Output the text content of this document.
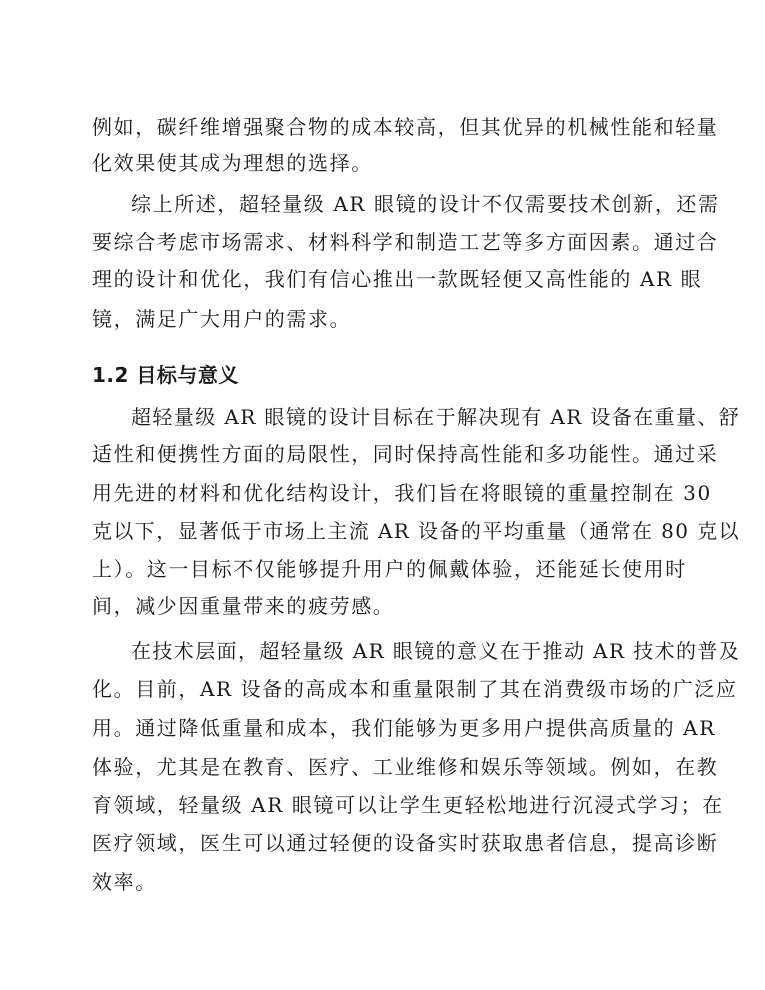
例如，碳纤维增强聚合物的成本较高，但其优异的机械性能和轻量
化效果使其成为理想的选择。
综上所述，超轻量级 AR 眼镜的设计不仅需要技术创新，还需
要综合考虑市场需求、材料科学和制造工艺等多方面因素。通过合
理的设计和优化，我们有信心推出一款既轻便又高性能的 AR 眼
镜，满足广大用户的需求。
1.2 目标与意义
超轻量级 AR 眼镜的设计目标在于解决现有 AR 设备在重量、舒
适性和便携性方面的局限性，同时保持高性能和多功能性。通过采
用先进的材料和优化结构设计，我们旨在将眼镜的重量控制在 30
克以下，显著低于市场上主流 AR 设备的平均重量（通常在 80 克以
上）。这一目标不仅能够提升用户的佩戴体验，还能延长使用时
间，减少因重量带来的疲劳感。
在技术层面，超轻量级 AR 眼镜的意义在于推动 AR 技术的普及
化。目前，AR 设备的高成本和重量限制了其在消费级市场的广泛应
用。通过降低重量和成本，我们能够为更多用户提供高质量的 AR
体验，尤其是在教育、医疗、工业维修和娱乐等领域。例如，在教
育领域，轻量级 AR 眼镜可以让学生更轻松地进行沉浸式学习；在
医疗领域，医生可以通过轻便的设备实时获取患者信息，提高诊断
效率。
